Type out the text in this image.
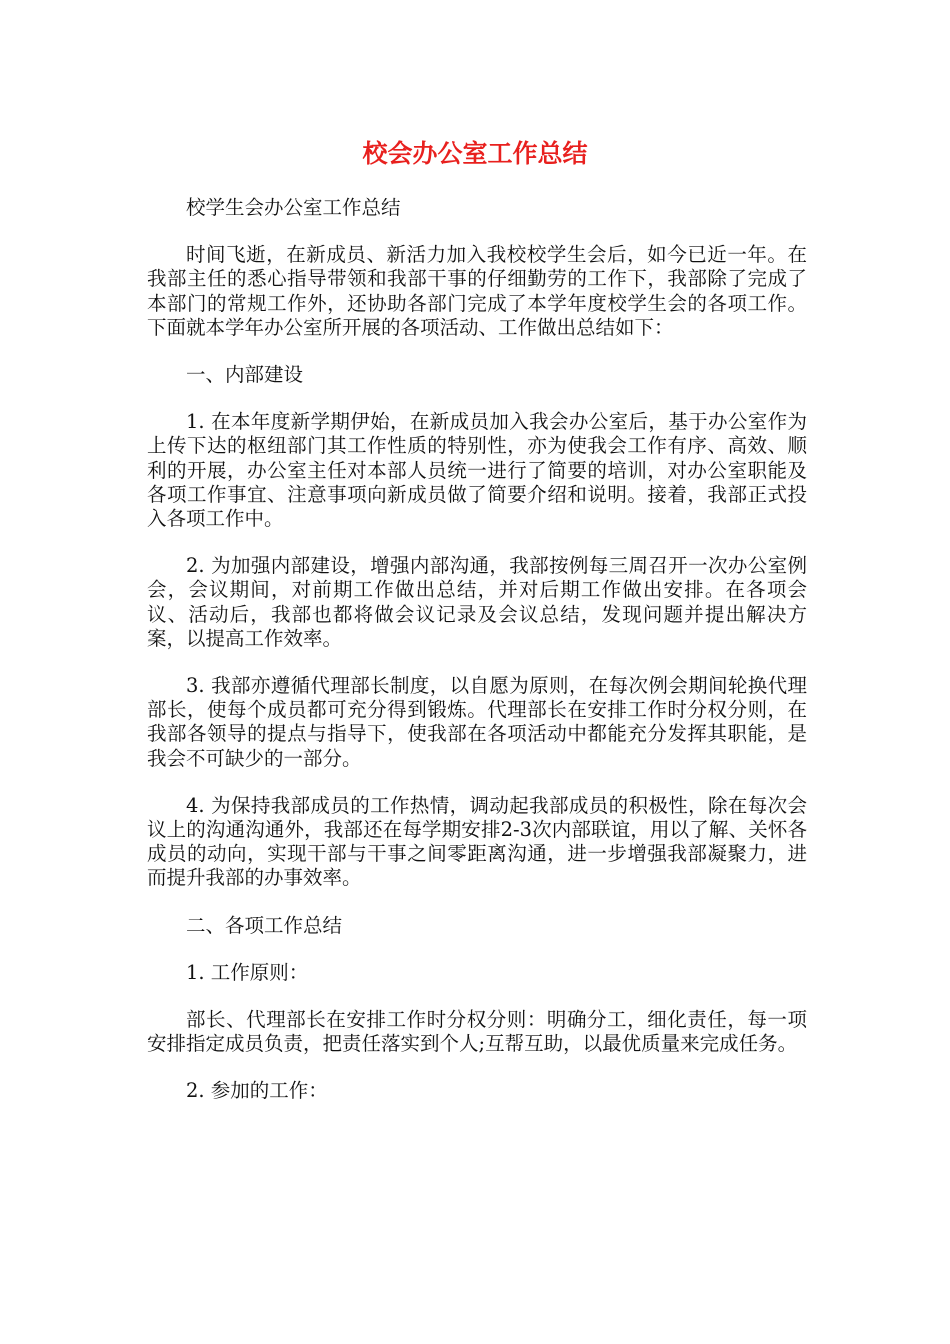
校会办公室工作总结

校学生会办公室工作总结

时间飞逝，在新成员、新活力加入我校校学生会后，如今已近一年。在我部主任的悉心指导带领和我部干事的仔细勤劳的工作下，我部除了完成了本部门的常规工作外，还协助各部门完成了本学年度校学生会的各项工作。下面就本学年办公室所开展的各项活动、工作做出总结如下：

一、内部建设

1. 在本年度新学期伊始，在新成员加入我会办公室后，基于办公室作为上传下达的枢纽部门其工作性质的特别性，亦为使我会工作有序、高效、顺利的开展，办公室主任对本部人员统一进行了简要的培训，对办公室职能及各项工作事宜、注意事项向新成员做了简要介绍和说明。接着，我部正式投入各项工作中。

2. 为加强内部建设，增强内部沟通，我部按例每三周召开一次办公室例会，会议期间，对前期工作做出总结，并对后期工作做出安排。在各项会议、活动后，我部也都将做会议记录及会议总结，发现问题并提出解决方案，以提高工作效率。

3. 我部亦遵循代理部长制度，以自愿为原则，在每次例会期间轮换代理部长，使每个成员都可充分得到锻炼。代理部长在安排工作时分权分则，在我部各领导的提点与指导下，使我部在各项活动中都能充分发挥其职能，是我会不可缺少的一部分。

4. 为保持我部成员的工作热情，调动起我部成员的积极性，除在每次会议上的沟通沟通外，我部还在每学期安排2-3次内部联谊，用以了解、关怀各成员的动向，实现干部与干事之间零距离沟通，进一步增强我部凝聚力，进而提升我部的办事效率。

二、各项工作总结

1. 工作原则：

部长、代理部长在安排工作时分权分则：明确分工，细化责任，每一项安排指定成员负责，把责任落实到个人;互帮互助，以最优质量来完成任务。

2. 参加的工作：
